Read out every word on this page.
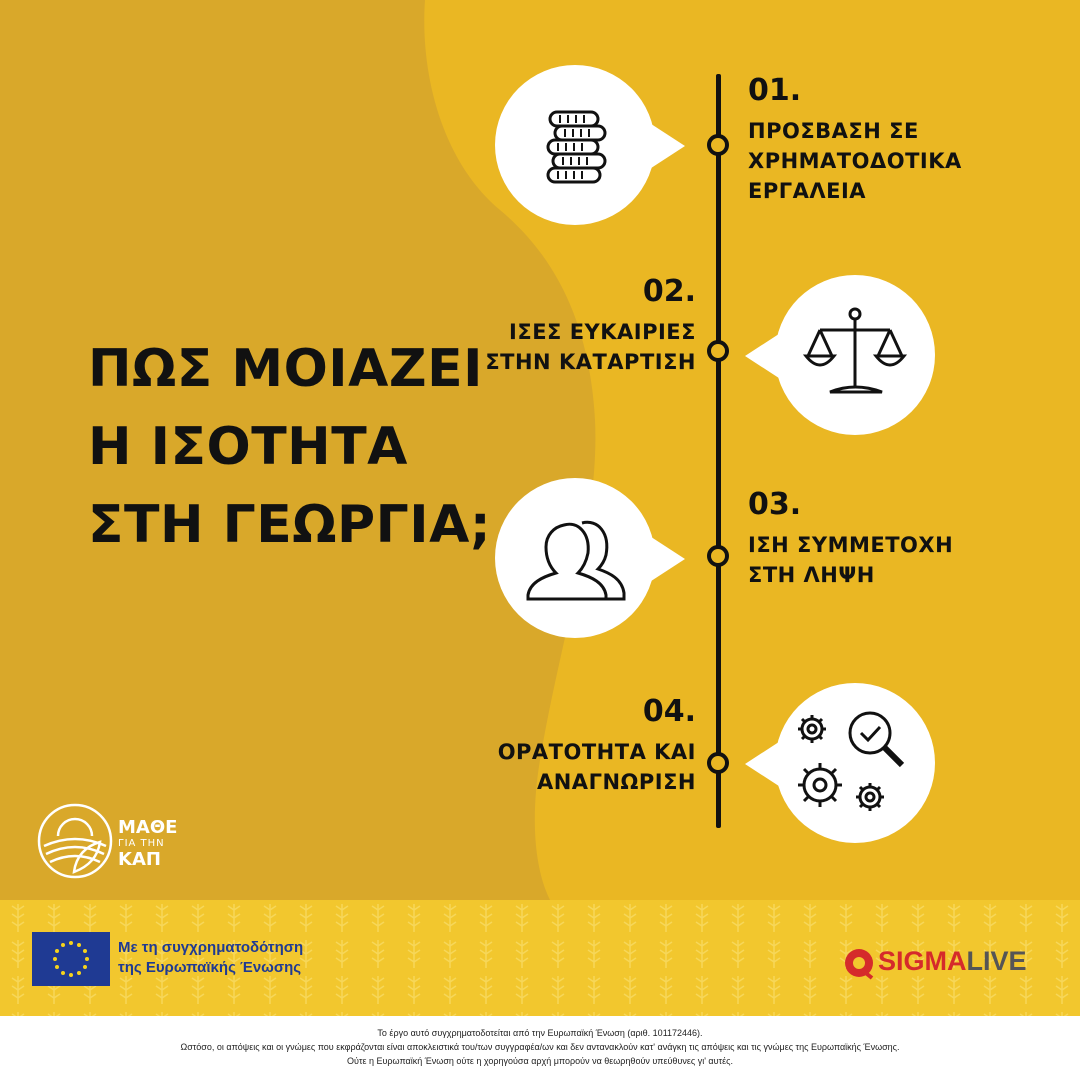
ΠΩΣ ΜΟΙΑΖΕΙ
Η ΙΣΟΤΗΤΑ
ΣΤΗ ΓΕΩΡΓΙΑ;
01.
ΠΡΟΣΒΑΣΗ ΣΕ
ΧΡΗΜΑΤΟΔΟΤΙΚΑ
ΕΡΓΑΛΕΙΑ
02.
ΙΣΕΣ ΕΥΚΑΙΡΙΕΣ
ΣΤΗΝ ΚΑΤΑΡΤΙΣΗ
03.
ΙΣΗ ΣΥΜΜΕΤΟΧΗ
ΣΤΗ ΛΗΨΗ
04.
ΟΡΑΤΟΤΗΤΑ ΚΑΙ
ΑΝΑΓΝΩΡΙΣΗ
ΜΑΘΕ
ΓΙΑ ΤΗΝ
ΚΑΠ
Με τη συγχρηματοδότηση
της Ευρωπαϊκής Ένωσης	SIGMALIVE
Το έργο αυτό συγχρηματοδοτείται από την Ευρωπαϊκή Ένωση (αριθ. 101172446).
Ωστόσο, οι απόψεις και οι γνώμες που εκφράζονται είναι αποκλειστικά του/των συγγραφέα/ων και δεν αντανακλούν κατ' ανάγκη τις απόψεις και τις γνώμες της Ευρωπαϊκής Ένωσης.
Ούτε η Ευρωπαϊκή Ένωση ούτε η χορηγούσα αρχή μπορούν να θεωρηθούν υπεύθυνες γι' αυτές.
